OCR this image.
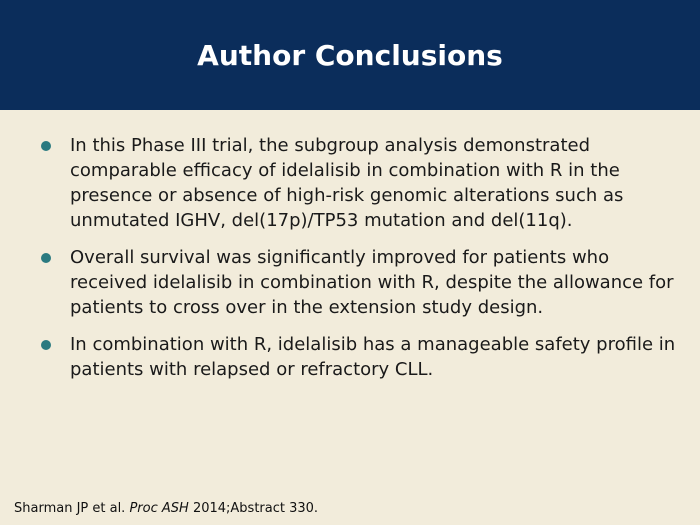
Author Conclusions
In this Phase III trial, the subgroup analysis demonstrated comparable efficacy of idelalisib in combination with R in the presence or absence of high-risk genomic alterations such as unmutated IGHV, del(17p)/TP53 mutation and del(11q).
Overall survival was significantly improved for patients who received idelalisib in combination with R, despite the allowance for patients to cross over in the extension study design.
In combination with R, idelalisib has a manageable safety profile in patients with relapsed or refractory CLL.
Sharman JP et al. Proc ASH 2014;Abstract 330.
